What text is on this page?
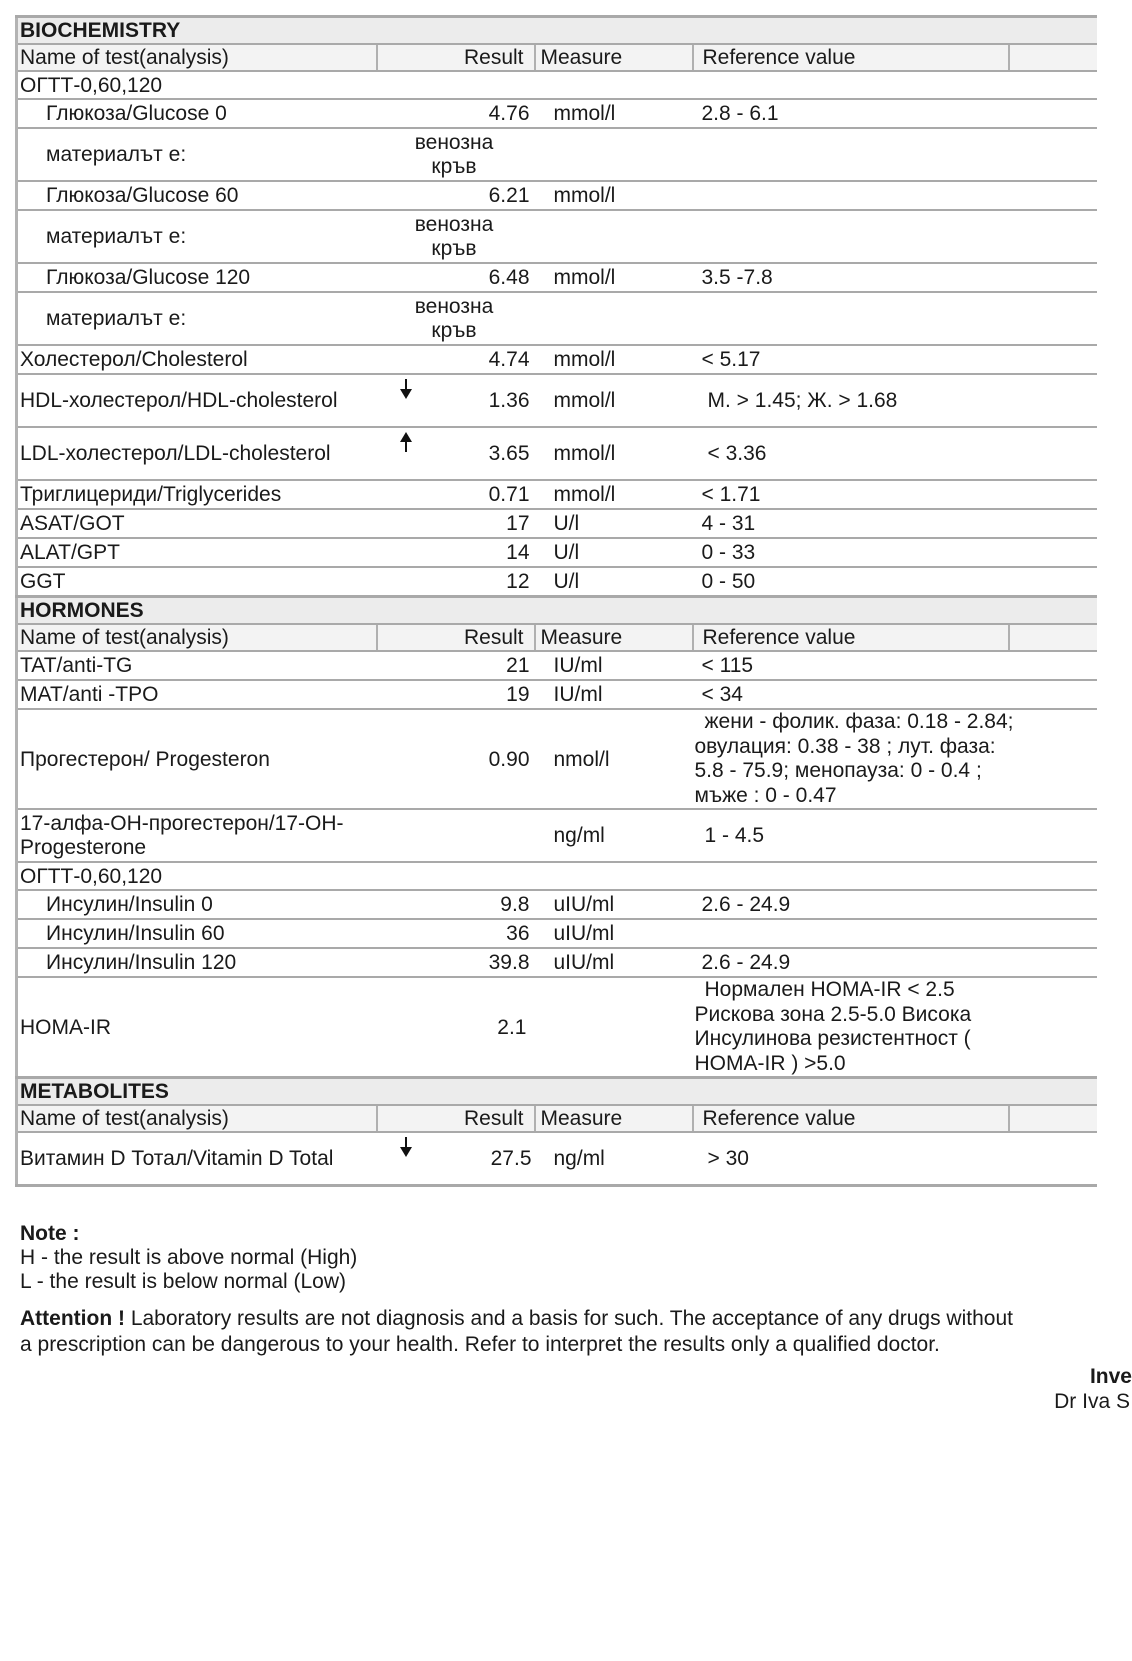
BIOCHEMISTRY				
Name of test(analysis)	Result	Measure	Reference value	
ОГТТ-0,60,120				
Глюкоза/Glucose 0	4.76	mmol/l	2.8 - 6.1	
материалът е:	венозна
кръв			
Глюкоза/Glucose 60	6.21	mmol/l		
материалът е:	венозна
кръв			
Глюкоза/Glucose 120	6.48	mmol/l	3.5 -7.8	
материалът е:	венозна
кръв			
Холестерол/Cholesterol	4.74	mmol/l	< 5.17	
HDL-холестерол/HDL-cholesterol	1.36	mmol/l	М. > 1.45; Ж. > 1.68	
LDL-холестерол/LDL-cholesterol	3.65	mmol/l	< 3.36	
Триглицериди/Triglycerides	0.71	mmol/l	< 1.71	
ASAT/GOT	17	U/l	4 - 31	
ALAT/GPT	14	U/l	0 - 33	
GGT	12	U/l	0 - 50	
HORMONES				
Name of test(analysis)	Result	Measure	Reference value	
TAT/anti-TG	21	IU/ml	< 115	
MAT/anti -TPO	19	IU/ml	< 34	
Прогестерон/ Progesteron	0.90	nmol/l	жени - фолик. фаза: 0.18 - 2.84;
овулация: 0.38 - 38 ; лут. фаза:
5.8 - 75.9; менопауза: 0 - 0.4 ;
мъже : 0 - 0.47	
17-алфа-ОН-прогестерон/17-ОН-
Progesterone		ng/ml	1 - 4.5	
ОГТТ-0,60,120				
Инсулин/Insulin 0	9.8	uIU/ml	2.6 - 24.9	
Инсулин/Insulin 60	36	uIU/ml		
Инсулин/Insulin 120	39.8	uIU/ml	2.6 - 24.9	
HOMA-IR	2.1		Нормален HOMA-IR < 2.5
Рискова зона 2.5-5.0 Висока
Инсулинова резистентност (
HOMA-IR ) >5.0	
METABOLITES				
Name of test(analysis)	Result	Measure	Reference value	
Витамин D Тотал/Vitamin D Total	27.5	ng/ml	> 30	
Note :
H - the result is above normal (High)
L - the result is below normal (Low)
Attention ! Laboratory results are not diagnosis and a basis for such. The acceptance of any drugs without a prescription can be dangerous to your health. Refer to interpret the results only a qualified doctor.
Inve
Dr Iva S
